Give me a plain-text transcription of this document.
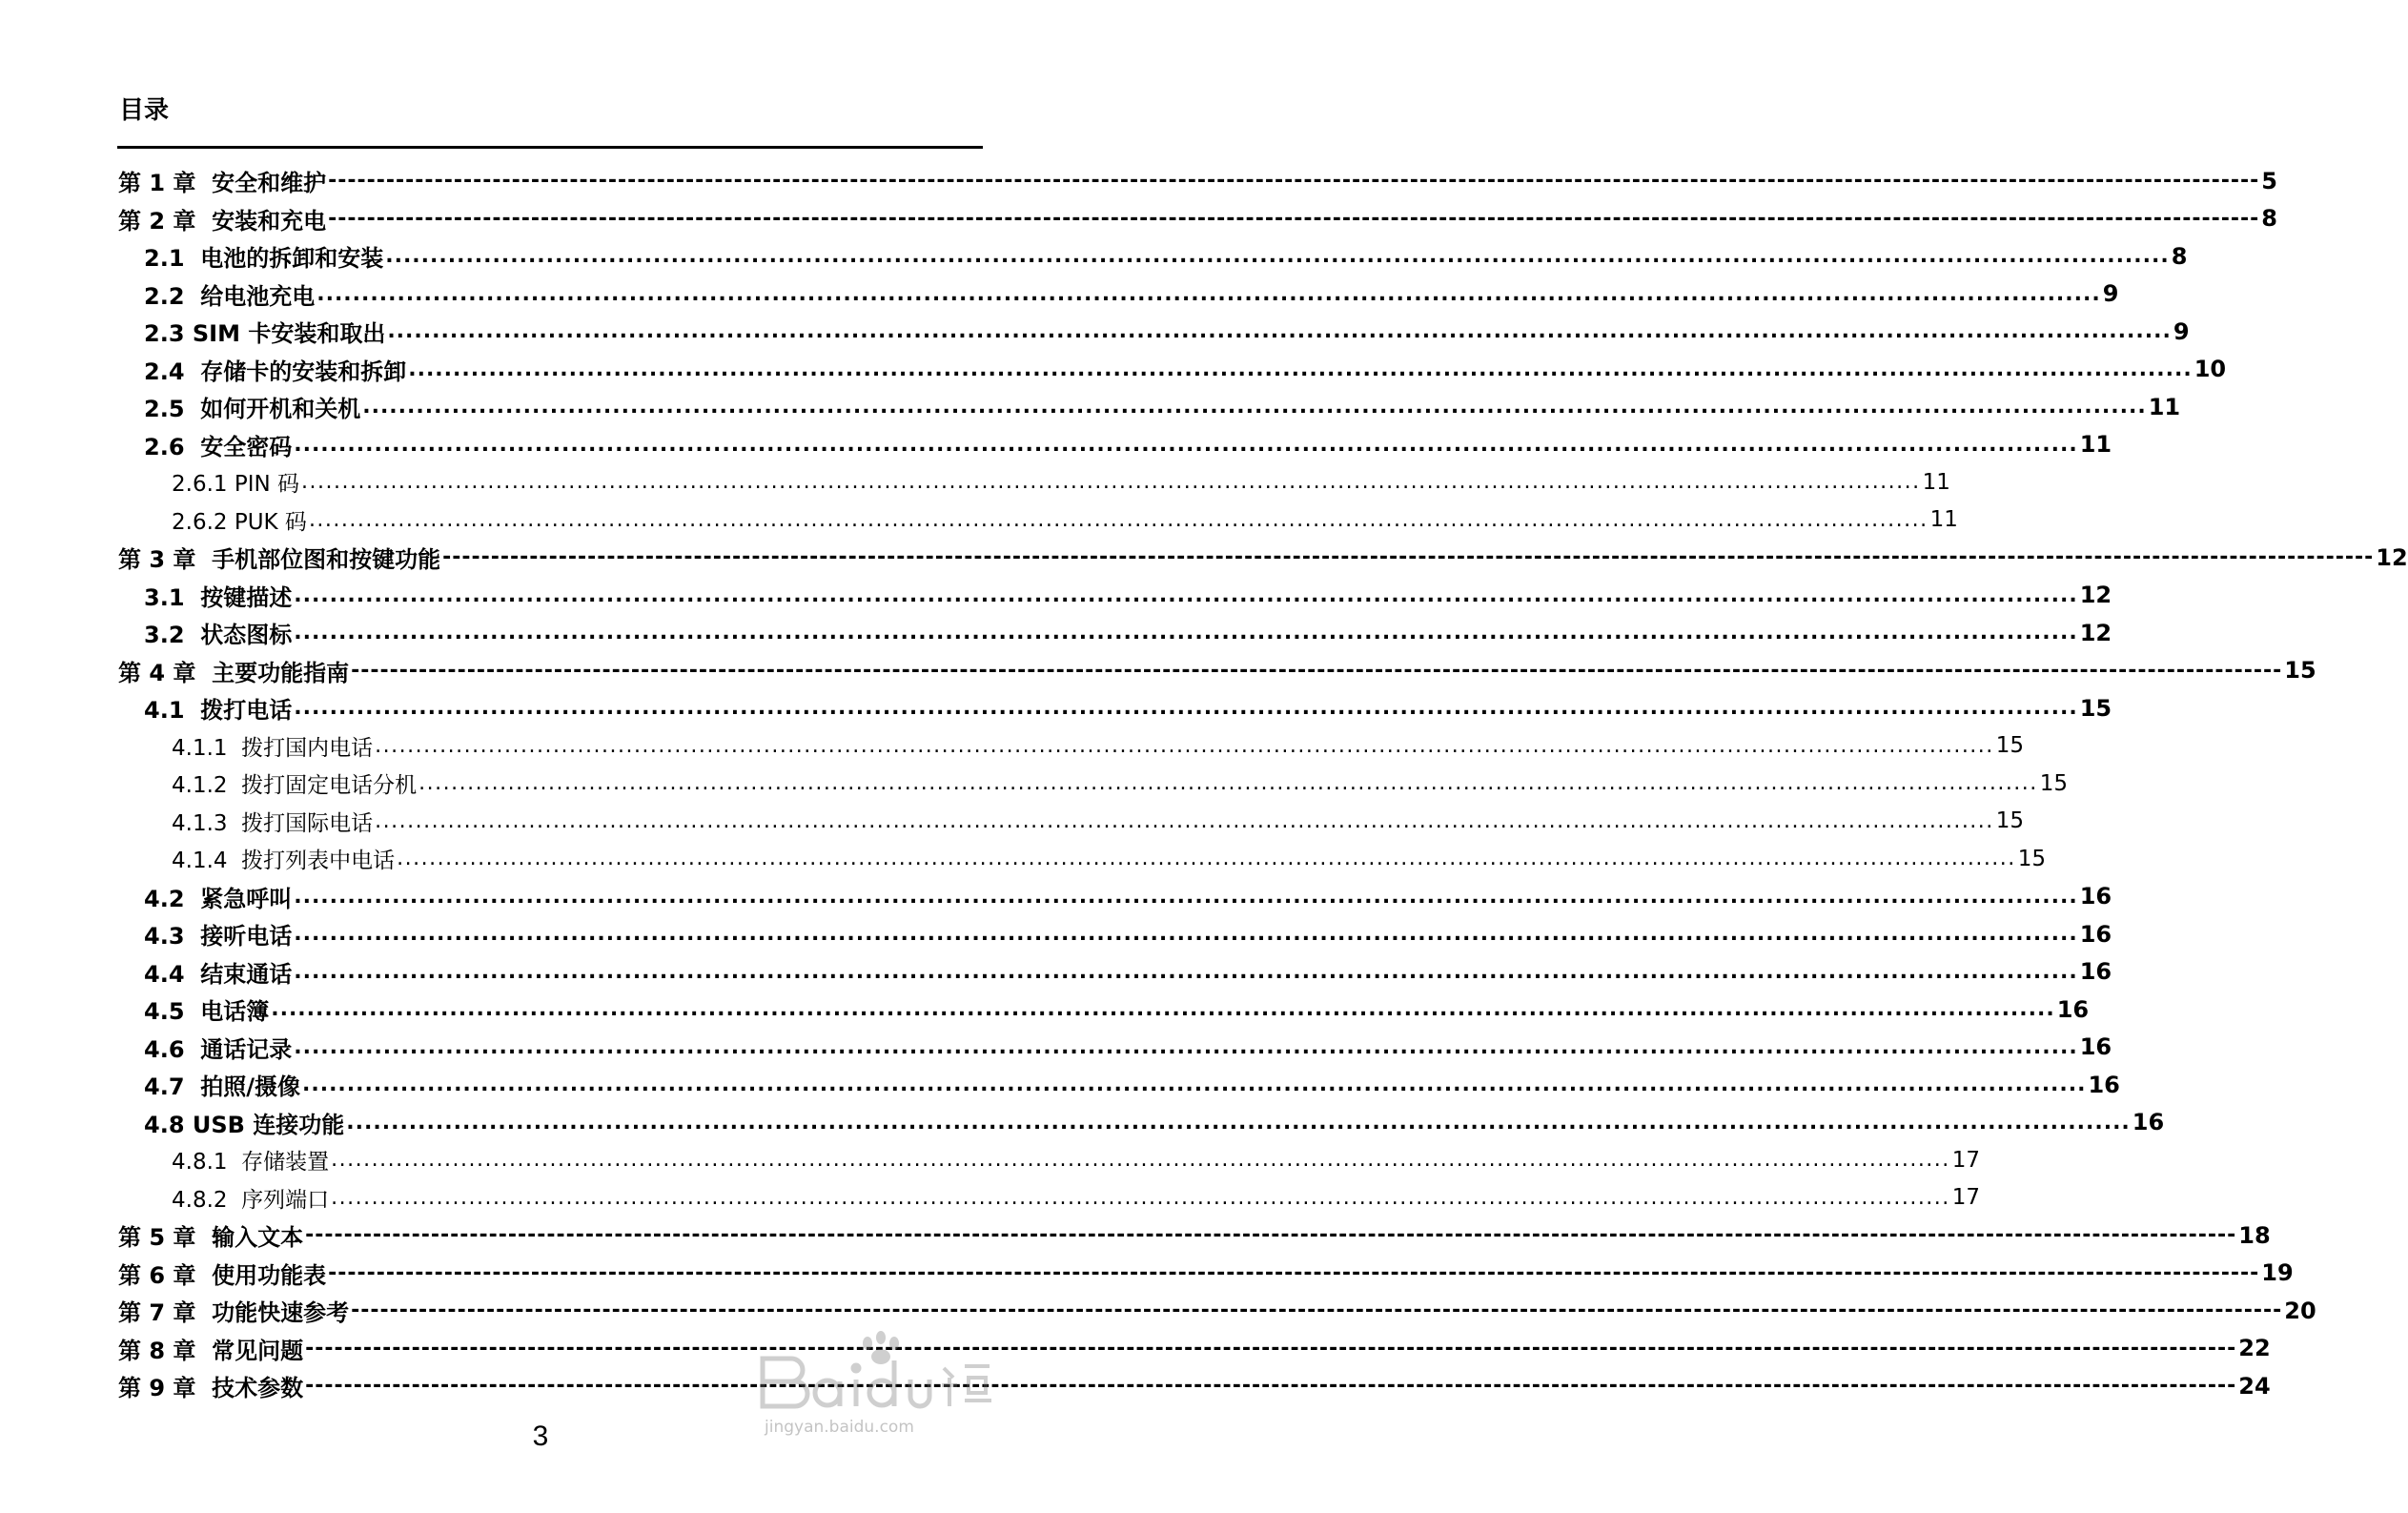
目录
第 1 章  安全和维护 -------------------------------------------------------------------------------------------------------------------------------------------------------------------------------------------------------- 5
第 2 章  安装和充电 -------------------------------------------------------------------------------------------------------------------------------------------------------------------------------------------------------- 8
2.1  电池的拆卸和安装 ........................................................................................................................................................................................................ 8
2.2  给电池充电 ........................................................................................................................................................................................................ 9
2.3 SIM 卡安装和取出 ........................................................................................................................................................................................................ 9
2.4  存储卡的安装和拆卸 ........................................................................................................................................................................................................ 10
2.5  如何开机和关机 ........................................................................................................................................................................................................ 11
2.6  安全密码 ........................................................................................................................................................................................................ 11
2.6.1 PIN 码 ........................................................................................................................................................................................................ 11
2.6.2 PUK 码 ........................................................................................................................................................................................................ 11
第 3 章  手机部位图和按键功能 -------------------------------------------------------------------------------------------------------------------------------------------------------------------------------------------------------- 12
3.1  按键描述 ........................................................................................................................................................................................................ 12
3.2  状态图标 ........................................................................................................................................................................................................ 12
第 4 章  主要功能指南 -------------------------------------------------------------------------------------------------------------------------------------------------------------------------------------------------------- 15
4.1  拨打电话 ........................................................................................................................................................................................................ 15
4.1.1  拨打国内电话 ........................................................................................................................................................................................................ 15
4.1.2  拨打固定电话分机 ........................................................................................................................................................................................................ 15
4.1.3  拨打国际电话 ........................................................................................................................................................................................................ 15
4.1.4  拨打列表中电话 ........................................................................................................................................................................................................ 15
4.2  紧急呼叫 ........................................................................................................................................................................................................ 16
4.3  接听电话 ........................................................................................................................................................................................................ 16
4.4  结束通话 ........................................................................................................................................................................................................ 16
4.5  电话簿 ........................................................................................................................................................................................................ 16
4.6  通话记录 ........................................................................................................................................................................................................ 16
4.7  拍照/摄像 ........................................................................................................................................................................................................ 16
4.8 USB 连接功能 ........................................................................................................................................................................................................ 16
4.8.1  存储装置 ........................................................................................................................................................................................................ 17
4.8.2  序列端口 ........................................................................................................................................................................................................ 17
第 5 章  输入文本 -------------------------------------------------------------------------------------------------------------------------------------------------------------------------------------------------------- 18
第 6 章  使用功能表 -------------------------------------------------------------------------------------------------------------------------------------------------------------------------------------------------------- 19
第 7 章  功能快速参考 -------------------------------------------------------------------------------------------------------------------------------------------------------------------------------------------------------- 20
第 8 章  常见问题 -------------------------------------------------------------------------------------------------------------------------------------------------------------------------------------------------------- 22
第 9 章  技术参数 -------------------------------------------------------------------------------------------------------------------------------------------------------------------------------------------------------- 24
3	jingyan.baidu.com
